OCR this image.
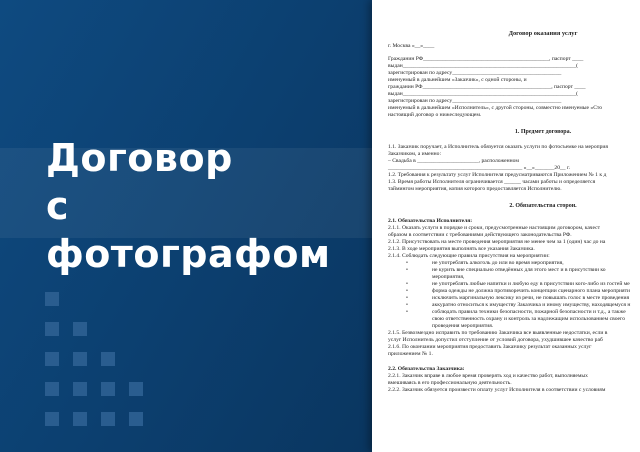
Договор
с фотографом
Договор оказания услуг
г. Москва «__»____
Гражданин РФ_____________________________________________, паспорт ____
выдан______________________________________________________________(
зарегистрирован по адресу_______________________________________
именуемый в дальнейшем «Заказчик», с одной стороны, и
гражданин РФ______________________________________________, паспорт ____
выдан______________________________________________________________(
зарегистрирован по адресу_______________________________________
именуемый в дальнейшем «Исполнитель», с другой стороны, совместно именуемые «Сто
настоящий договор о нижеследующем.
1. Предмет договора.
1.1. Заказчик поручает, а Исполнитель обязуется оказать услуги по фотосъемке на мероприя
Заказчиком, а именно:
– Свадьба в ______________________, расположенном
________________________________________________ «__»_______20__ г.
1.2. Требования к результату услуг Исполнителя предусматриваются Приложением № 1 к д
1.3. Время работы Исполнителя ограничивается ______ часами работы и определяется
таймингом мероприятия, копия которого предоставляется Исполнителю.
2. Обязательства сторон.
2.1. Обязательства Исполнителя:
2.1.1. Оказать услуги в порядке и сроки, предусмотренные настоящим договором, качест
образом в соответствии с требованиями действующего законодательства РФ.
2.1.2. Присутствовать на месте проведения мероприятия не менее чем за 1 (один) час до на
2.1.3. В ходе мероприятия выполнять все указания Заказчика.
2.1.4. Соблюдать следующие правила присутствия на мероприятии:
• не употреблять алкоголь до или во время мероприятия,
• не курить вне специально отведённых для этого мест и в присутствии ко
мероприятия,
• не употреблять любые напитки и любую еду в присутствии кого-либо из гостей ме
• форма одежды не должна противоречить концепции сценарного плана мероприяти
• исключить маргинальную лексику из речи, не повышать голос в месте проведения
• аккуратно относиться к имуществу Заказчика и иному имуществу, находящемуся н
• соблюдать правила техники безопасности, пожарной безопасности и т.д., а также
свою ответственность охрану и контроль за надлежащим использованием своего
проведения мероприятия.
2.1.5. Безвозмездно исправить по требованию Заказчика все выявленные недостатки, если в
услуг Исполнитель допустил отступление от условий договора, ухудшившее качество раб
2.1.6. По окончании мероприятия предоставить Заказчику результат оказанных услуг
приложением № 1.
2.2. Обязательства Заказчика:
2.2.1. Заказчик вправе в любое время проверять ход и качество работ, выполняемых
вмешиваясь в его профессиональную деятельность.
2.2.2. Заказчик обязуется произвести оплату услуг Исполнителя в соответствии с условиям
